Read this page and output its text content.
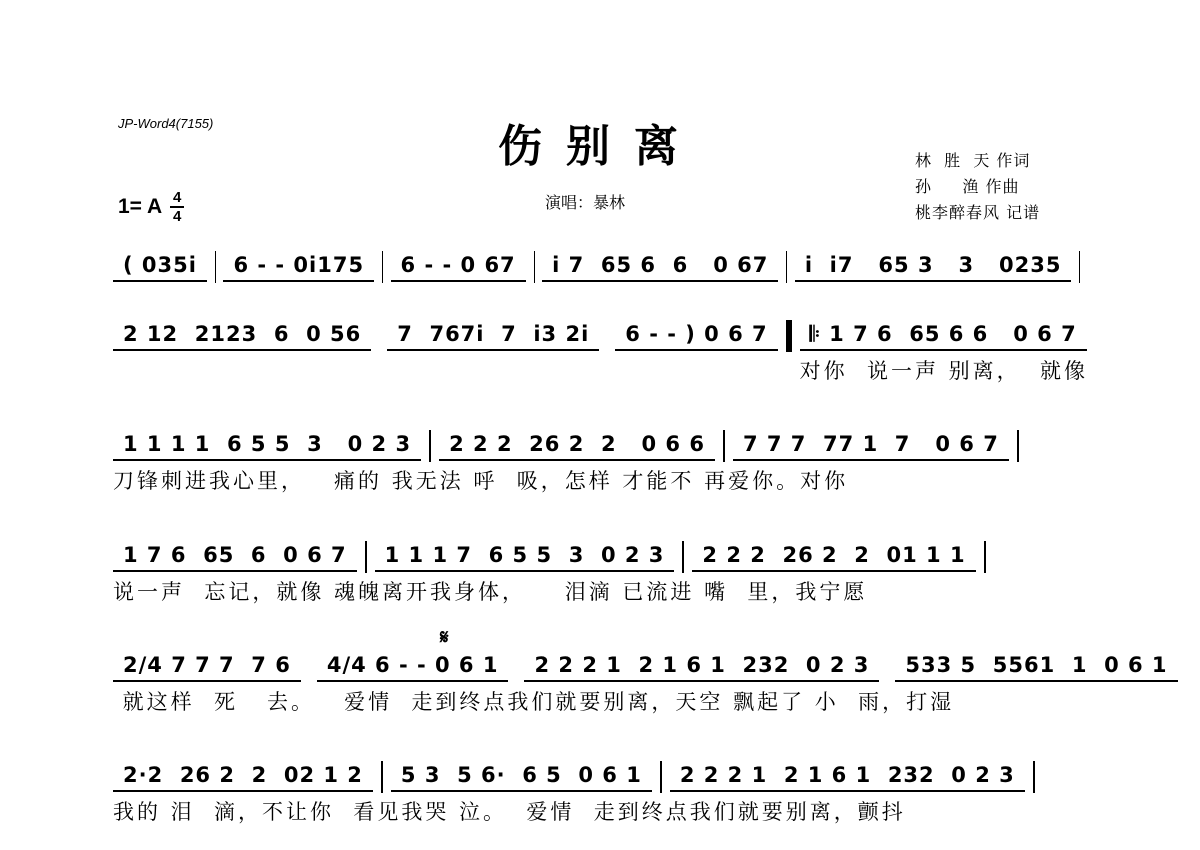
JP-Word4(7155)	伤别离
1= A 4
4
演唱：暴林
林  胜  天 作词
孙     渔 作曲
桃李醉春风 记谱
𝄋
( 035i	6 - - 0i175	6 - - 0 67	i 7  65 6  6   0 67	i  i7   65 3   3   0235
2 12  2123  6  0 56	7  767i  7  i3 2i	6 - - ) 0 6 7	𝄆 1 7 6  65 6 6   0 6 7
对你  说一声 别离，  就像
1 1 1 1  6 5 5  3   0 2 3	2 2 2  26 2  2   0 6 6	7 7 7  77 1  7   0 6 7
刀锋刺进我心里，   痛的 我无法 呼  吸，怎样 才能不 再爱你。对你
1 7 6  65  6  0 6 7	1 1 1 7  6 5 5  3  0 2 3	2 2 2  26 2  2  01 1 1
说一声  忘记，就像 魂魄离开我身体，    泪滴 已流进 嘴  里，我宁愿
2/4 7 7 7  7 6	4/4 6 - - 0 6 1	2 2 2 1  2 1 6 1  232  0 2 3	533 5  5561  1  0 6 1
就这样  死   去。   爱情  走到终点我们就要别离，天空 飘起了 小  雨，打湿
2·2  26 2  2  02 1 2	5 3  5 6·  6 5  0 6 1	2 2 2 1  2 1 6 1  232  0 2 3
我的 泪  滴，不让你  看见我哭 泣。  爱情  走到终点我们就要别离，颤抖
